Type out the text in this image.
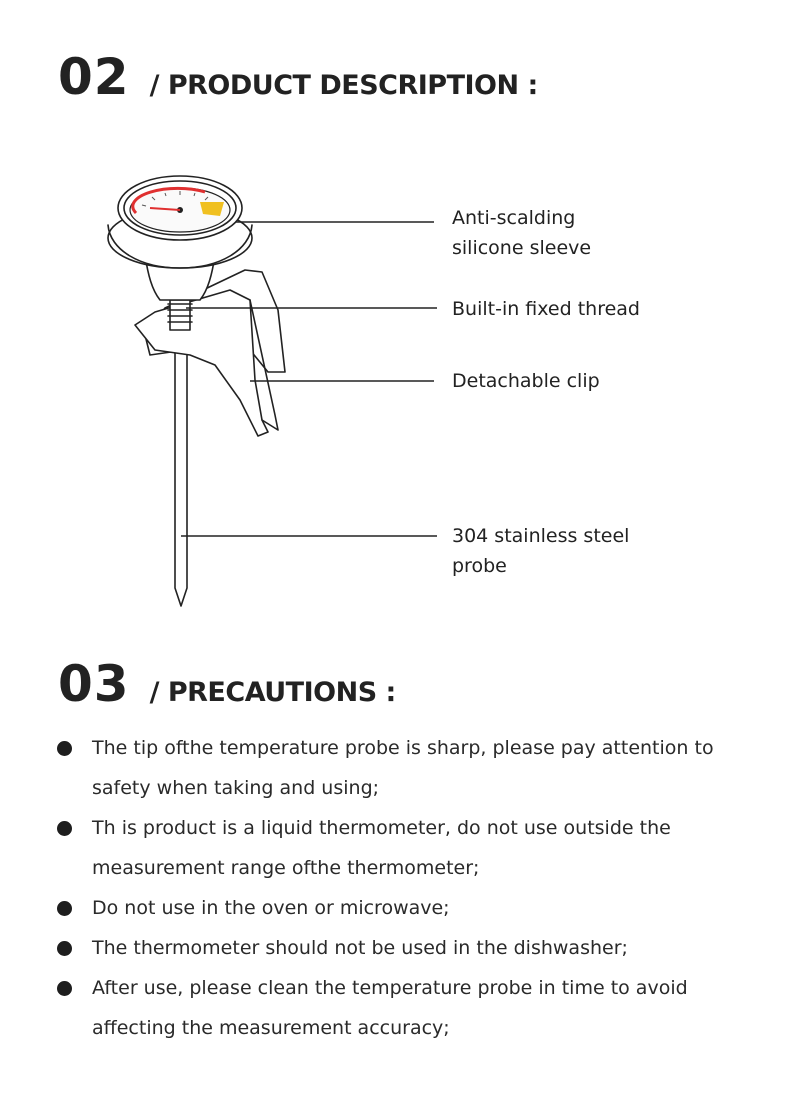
02 / PRODUCT DESCRIPTION :
Anti-scalding
silicone sleeve
Built-in fixed thread
Detachable clip
304 stainless steel
probe
03 / PRECAUTIONS :
The tip ofthe temperature probe is sharp, please pay attention to safety when taking and using;
Th is product is a liquid thermometer, do not use outside the measurement range ofthe thermometer;
Do not use in the oven or microwave;
The thermometer should not be used in the dishwasher;
After use, please clean the temperature probe in time to avoid affecting the measurement accuracy;
